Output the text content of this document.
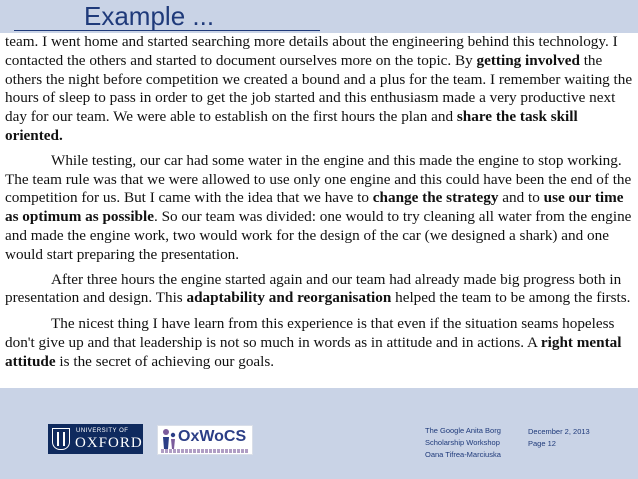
Example ...

team. I went home and started searching more details about the engineering behind this technology. I contacted the others and started to document ourselves more on the topic. By getting involved the others the night before competition we created a bound and a plus for the team. I remember waiting the hours of sleep to pass in order to get the job started and this enthusiasm made a very productive next day for our team. We were able to establish on the first hours the plan and share the task skill oriented.

While testing, our car had some water in the engine and this made the engine to stop working. The team rule was that we were allowed to use only one engine and this could have been the end of the competition for us. But I came with the idea that we have to change the strategy and to use our time as optimum as possible. So our team was divided: one would to try cleaning all water from the engine and made the engine work, two would work for the design of the car (we designed a shark) and one would start preparing the presentation.

After three hours the engine started again and our team had already made big progress both in presentation and design. This adaptability and reorganisation helped the team to be among the firsts.

The nicest thing I have learn from this experience is that even if the situation seams hopeless don't give up and that leadership is not so much in words as in attitude and in actions. A right mental attitude is the secret of achieving our goals.

UNIVERSITY OF
OXFORD OxWoCS	The Google Anita Borg
Scholarship Workshop
Oana Tifrea-Marciuska
December 2, 2013
Page 12
